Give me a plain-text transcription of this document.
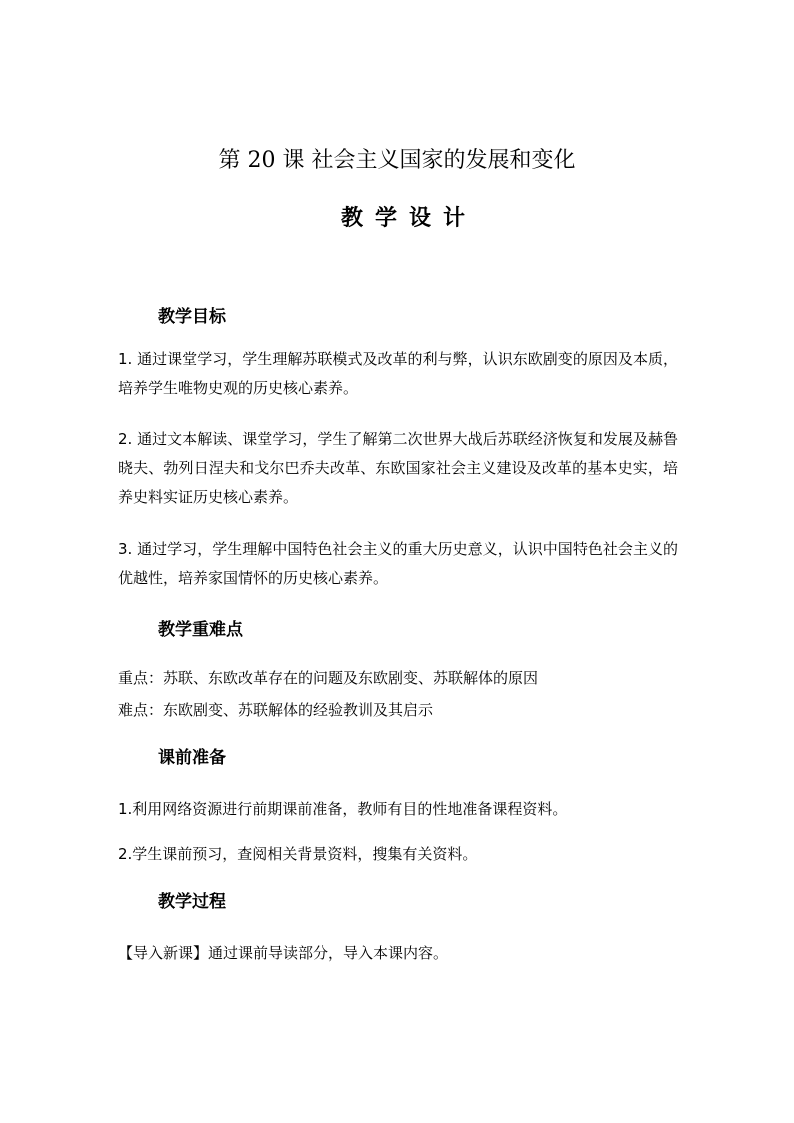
第 20 课 社会主义国家的发展和变化
教学设计
教学目标
1. 通过课堂学习，学生理解苏联模式及改革的利与弊，认识东欧剧变的原因及本质，培养学生唯物史观的历史核心素养。
2. 通过文本解读、课堂学习，学生了解第二次世界大战后苏联经济恢复和发展及赫鲁晓夫、勃列日涅夫和戈尔巴乔夫改革、东欧国家社会主义建设及改革的基本史实，培养史料实证历史核心素养。
3. 通过学习，学生理解中国特色社会主义的重大历史意义，认识中国特色社会主义的优越性，培养家国情怀的历史核心素养。
教学重难点
重点：苏联、东欧改革存在的问题及东欧剧变、苏联解体的原因
难点：东欧剧变、苏联解体的经验教训及其启示
课前准备
1.利用网络资源进行前期课前准备，教师有目的性地准备课程资料。
2.学生课前预习，查阅相关背景资料，搜集有关资料。
教学过程
【导入新课】通过课前导读部分，导入本课内容。
